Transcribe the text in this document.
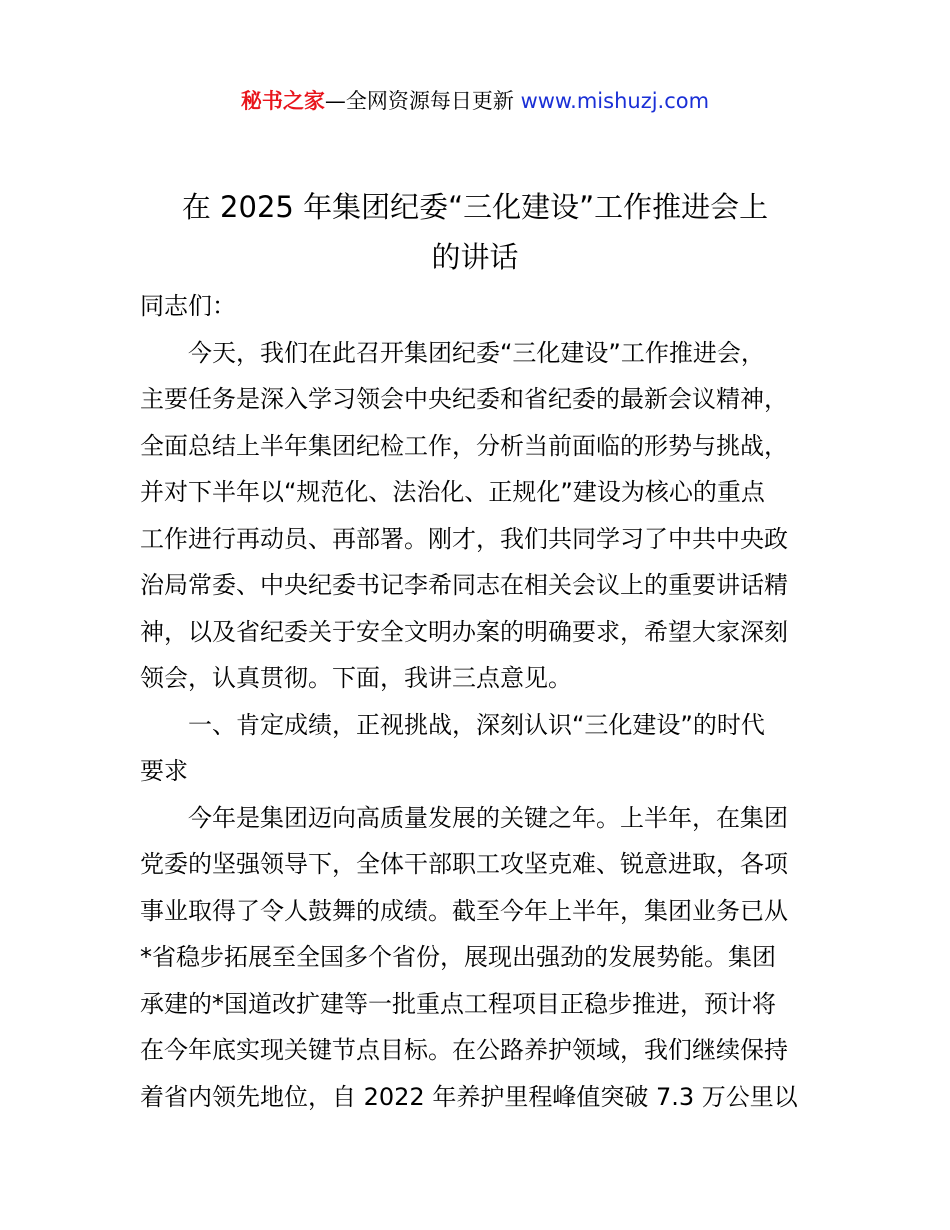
秘书之家—全网资源每日更新 www.mishuzj.com
在 2025 年集团纪委“三化建设”工作推进会上
的讲话
同志们：
今天，我们在此召开集团纪委“三化建设”工作推进会，
主要任务是深入学习领会中央纪委和省纪委的最新会议精神，
全面总结上半年集团纪检工作，分析当前面临的形势与挑战，
并对下半年以“规范化、法治化、正规化”建设为核心的重点
工作进行再动员、再部署。刚才，我们共同学习了中共中央政
治局常委、中央纪委书记李希同志在相关会议上的重要讲话精
神，以及省纪委关于安全文明办案的明确要求，希望大家深刻
领会，认真贯彻。下面，我讲三点意见。
一、肯定成绩，正视挑战，深刻认识“三化建设”的时代
要求
今年是集团迈向高质量发展的关键之年。上半年，在集团
党委的坚强领导下，全体干部职工攻坚克难、锐意进取，各项
事业取得了令人鼓舞的成绩。截至今年上半年，集团业务已从
*省稳步拓展至全国多个省份，展现出强劲的发展势能。集团
承建的*国道改扩建等一批重点工程项目正稳步推进，预计将
在今年底实现关键节点目标。在公路养护领域，我们继续保持
着省内领先地位，自 2022 年养护里程峰值突破 7.3 万公里以
